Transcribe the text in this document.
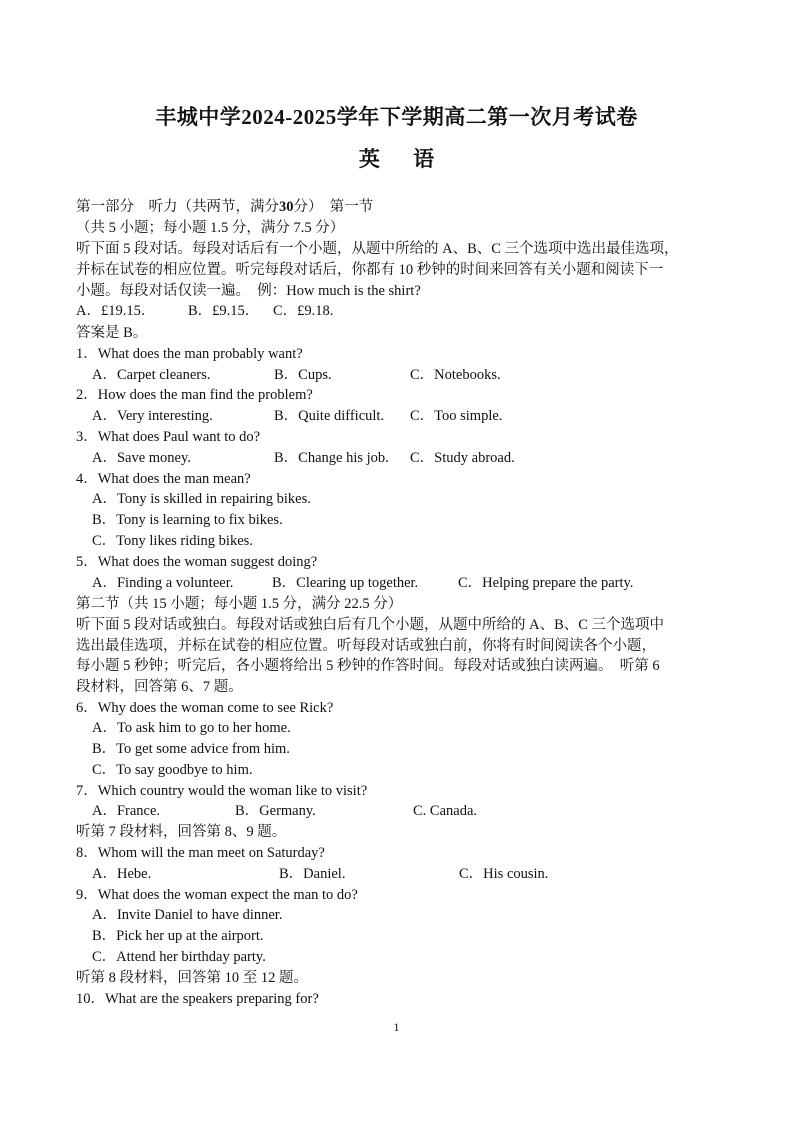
丰城中学2024-2025学年下学期高二第一次月考试卷
英 语
第一部分　听力（共两节，满分30分）　第一节
（共 5 小题；每小题 1.5 分，满分 7.5 分）
听下面 5 段对话。每段对话后有一个小题，从题中所给的 A、B、C 三个选项中选出最佳选项，
并标在试卷的相应位置。听完每段对话后，你都有 10 秒钟的时间来回答有关小题和阅读下一
小题。每段对话仅读一遍。　例：How much is the shirt?
A．£19.15． B．£9.15． C．£9.18.
答案是 B。
1．What does the man probably want?
A．Carpet cleaners.	B．Cups.	C．Notebooks.
2．How does the man find the problem?
A．Very interesting.	B．Quite difficult. C．Too simple.
3．What does Paul want to do?
A．Save money.	B．Change his job. C．Study abroad.
4．What does the man mean?
A．Tony is skilled in repairing bikes.
B．Tony is learning to fix bikes.
C．Tony likes riding bikes.
5．What does the woman suggest doing?
A．Finding a volunteer.	B．Clearing up together.	C．Helping prepare the party.
第二节（共 15 小题；每小题 1.5 分，满分 22.5 分）
听下面 5 段对话或独白。每段对话或独白后有几个小题，从题中所给的 A、B、C 三个选项中
选出最佳选项，并标在试卷的相应位置。听每段对话或独白前，你将有时间阅读各个小题，
每小题 5 秒钟；听完后，各小题将给出 5 秒钟的作答时间。每段对话或独白读两遍。　听第 6
段材料，回答第 6、7 题。
6．Why does the woman come to see Rick?
A．To ask him to go to her home.
B．To get some advice from him.
C．To say goodbye to him.
7．Which country would the woman like to visit?
A．France.	B．Germany.	C. Canada.
听第 7 段材料，回答第 8、9 题。
8．Whom will the man meet on Saturday?
A．Hebe.	B．Daniel.	C．His cousin.
9．What does the woman expect the man to do?
A．Invite Daniel to have dinner.
B．Pick her up at the airport.
C．Attend her birthday party.
听第 8 段材料，回答第 10 至 12 题。
10．What are the speakers preparing for?
1
